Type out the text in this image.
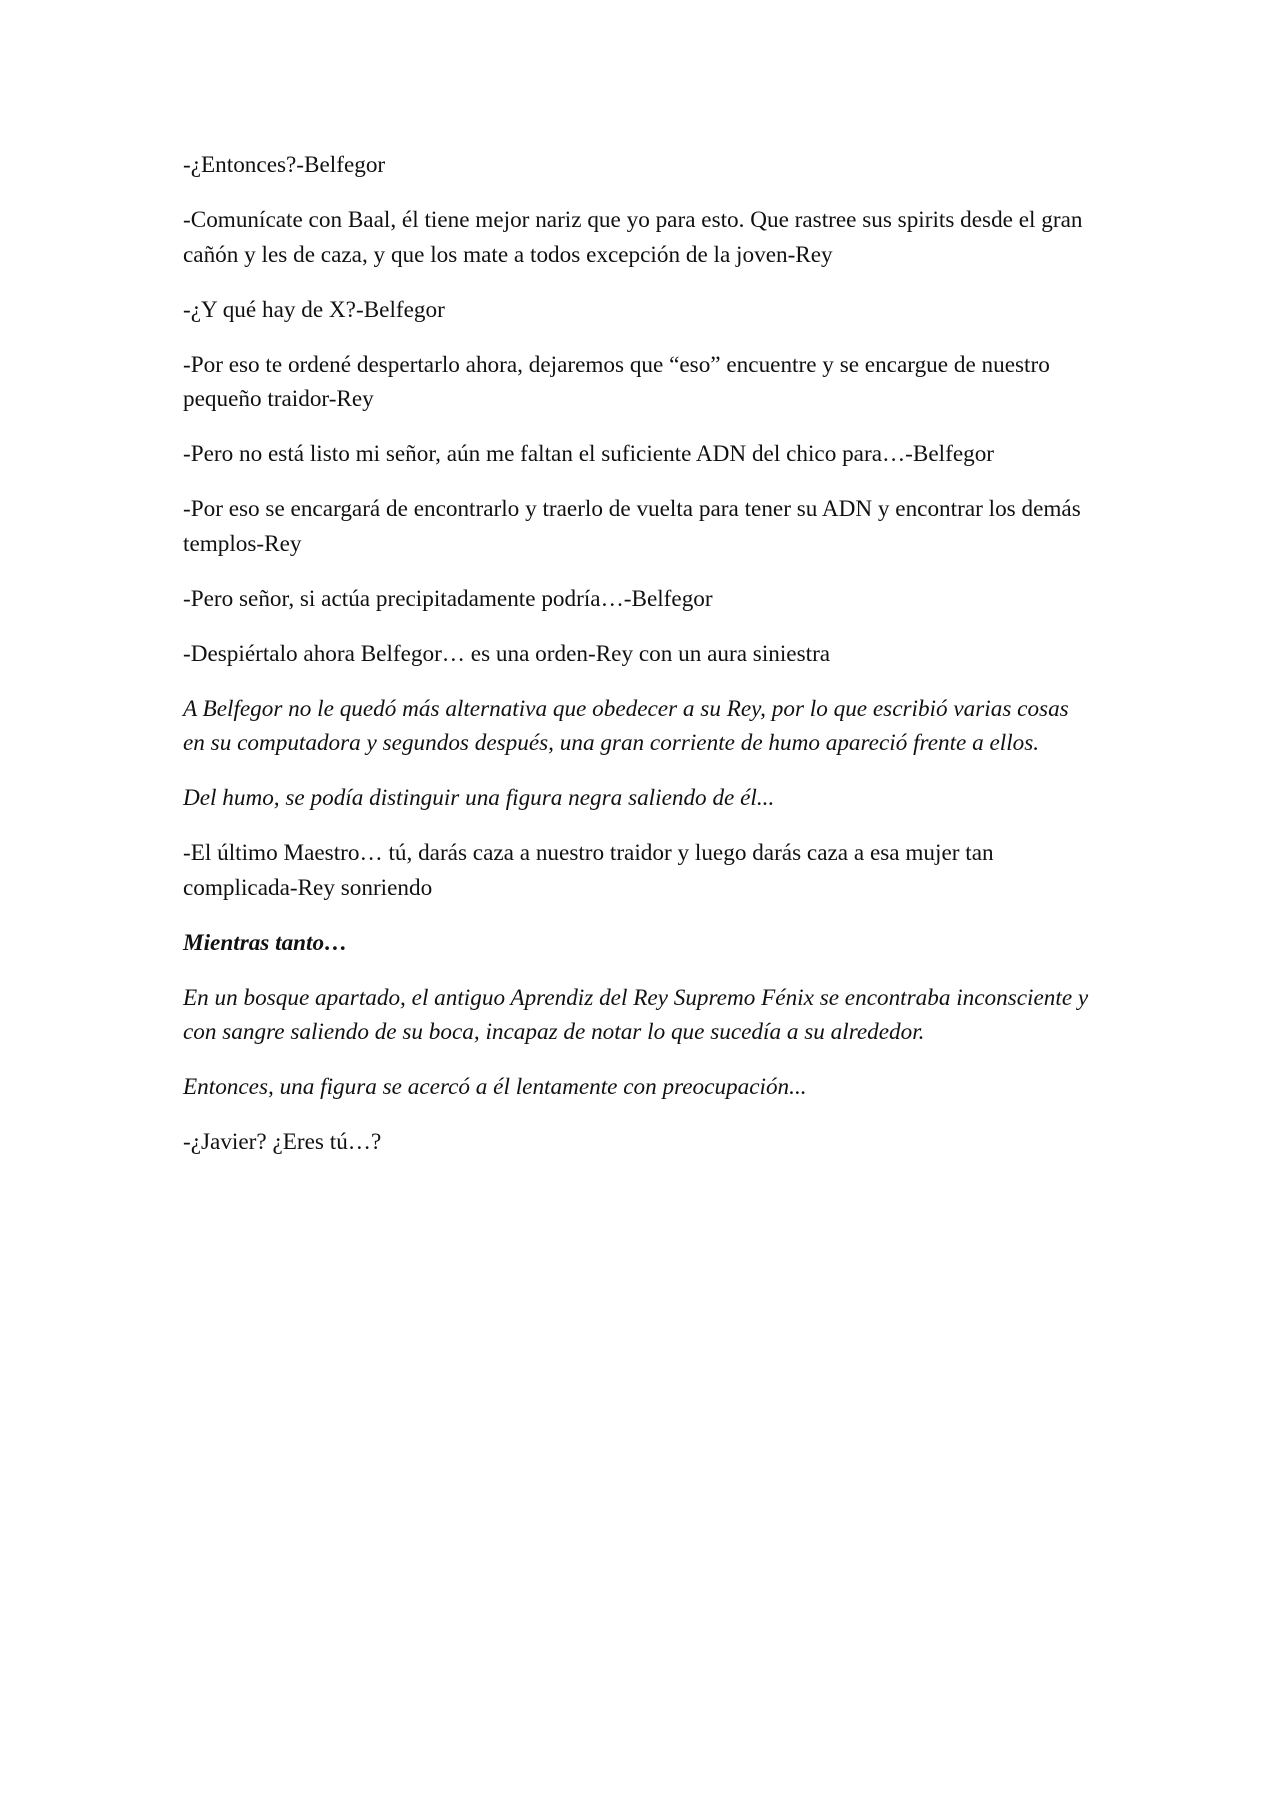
-¿Entonces?-Belfegor

-Comunícate con Baal, él tiene mejor nariz que yo para esto. Que rastree sus spirits desde el gran cañón y les de caza, y que los mate a todos excepción de la joven-Rey

-¿Y qué hay de X?-Belfegor

-Por eso te ordené despertarlo ahora, dejaremos que “eso” encuentre y se encargue de nuestro pequeño traidor-Rey

-Pero no está listo mi señor, aún me faltan el suficiente ADN del chico para…-Belfegor

-Por eso se encargará de encontrarlo y traerlo de vuelta para tener su ADN y encontrar los demás templos-Rey

-Pero señor, si actúa precipitadamente podría…-Belfegor

-Despiértalo ahora Belfegor… es una orden-Rey con un aura siniestra

A Belfegor no le quedó más alternativa que obedecer a su Rey, por lo que escribió varias cosas en su computadora y segundos después, una gran corriente de humo apareció frente a ellos.

Del humo, se podía distinguir una figura negra saliendo de él...

-El último Maestro… tú, darás caza a nuestro traidor y luego darás caza a esa mujer tan complicada-Rey sonriendo

Mientras tanto…

En un bosque apartado, el antiguo Aprendiz del Rey Supremo Fénix se encontraba inconsciente y con sangre saliendo de su boca, incapaz de notar lo que sucedía a su alrededor.

Entonces, una figura se acercó a él lentamente con preocupación...

-¿Javier? ¿Eres tú…?
